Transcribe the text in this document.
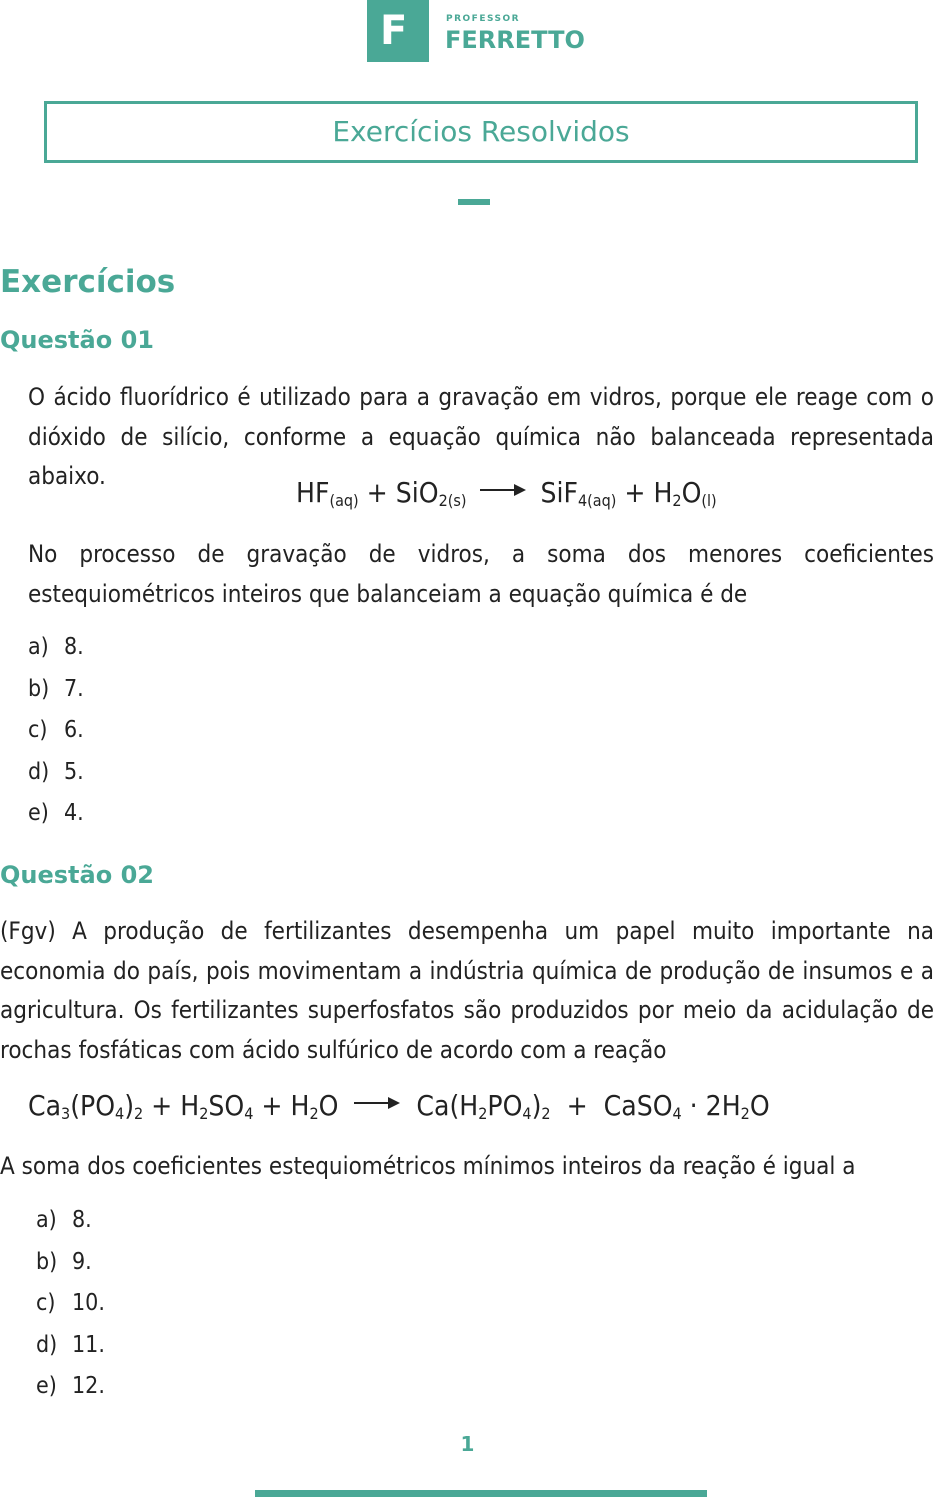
F	PROFESSOR
FERRETTO
Exercícios Resolvidos
Exercícios
Questão 01
O ácido fluorídrico é utilizado para a gravação em vidros, porque ele reage com o dióxido de silício, conforme a equação química não balanceada representada abaixo.	$HF_{(aq)} + SiO_{2(s)} \to SiF_{4(aq)} + H_2O_{(l)}$
No processo de gravação de vidros, a soma dos menores coeficientes estequiométricos inteiros que balanceiam a equação química é de
a) 8.
b) 7.
c) 6.
d) 5.
e) 4.
Questão 02
(Fgv) A produção de fertilizantes desempenha um papel muito importante na economia do país, pois movimentam a indústria química de produção de insumos e a agricultura. Os fertilizantes superfosfatos são produzidos por meio da acidulação de rochas fosfáticas com ácido sulfúrico de acordo com a reação
$Ca_3(PO_4)_2 + H_2SO_4 + H_2O \to Ca(H_2PO_4)_2$  +  CaSO$_4$ · $2H_2O$
A soma dos coeficientes estequiométricos mínimos inteiros da reação é igual a
a) 8.
b) 9.
c) 10.
d) 11.
e) 12.
1
